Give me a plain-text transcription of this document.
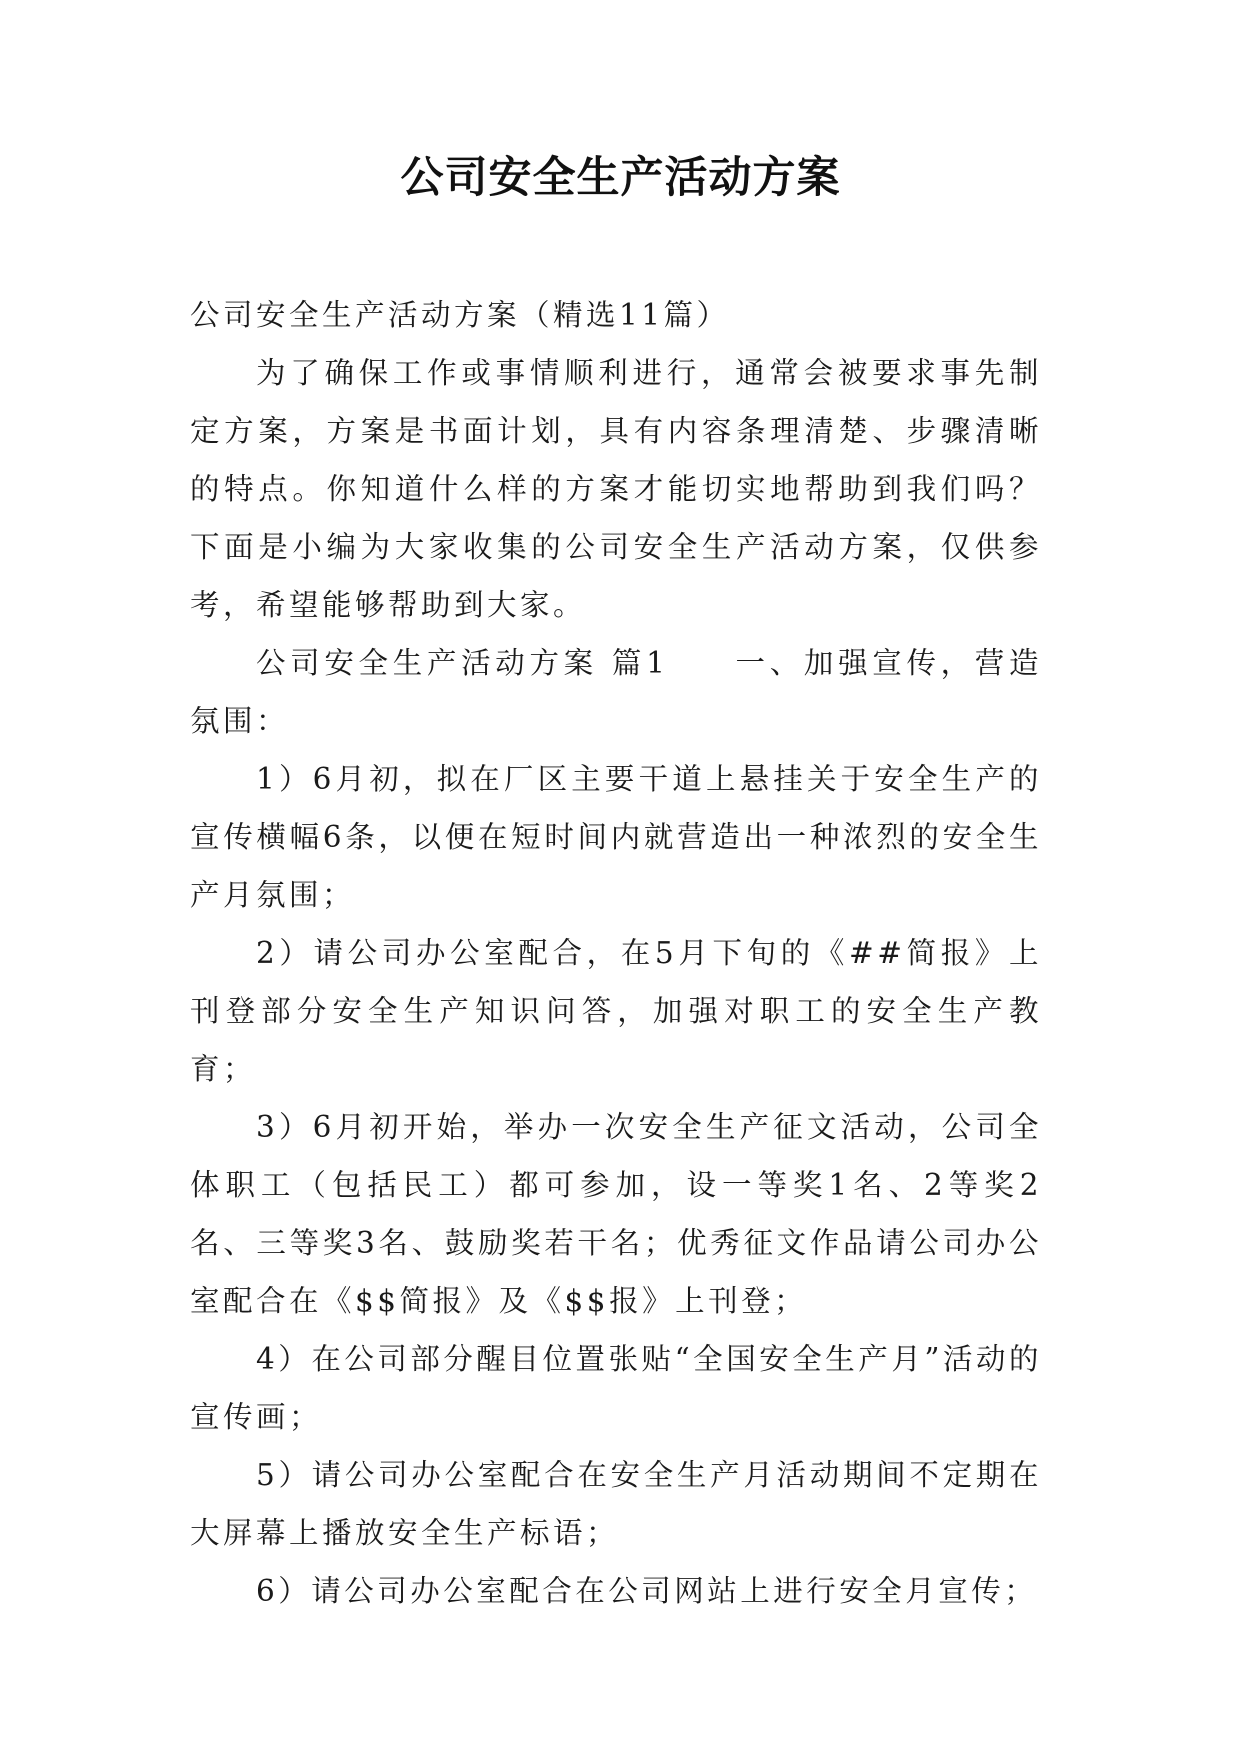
公司安全生产活动方案

公司安全生产活动方案（精选11篇）

为了确保工作或事情顺利进行，通常会被要求事先制定方案，方案是书面计划，具有内容条理清楚、步骤清晰的特点。你知道什么样的方案才能切实地帮助到我们吗？下面是小编为大家收集的公司安全生产活动方案，仅供参考，希望能够帮助到大家。

公司安全生产活动方案 篇1 一、加强宣传，营造氛围：

1）6月初，拟在厂区主要干道上悬挂关于安全生产的宣传横幅6条，以便在短时间内就营造出一种浓烈的安全生产月氛围；

2）请公司办公室配合，在5月下旬的《##简报》上刊登部分安全生产知识问答，加强对职工的安全生产教育；

3）6月初开始，举办一次安全生产征文活动，公司全体职工（包括民工）都可参加，设一等奖1名、2等奖2名、三等奖3名、鼓励奖若干名；优秀征文作品请公司办公室配合在《$$简报》及《$$报》上刊登；

4）在公司部分醒目位置张贴“全国安全生产月”活动的宣传画；

5）请公司办公室配合在安全生产月活动期间不定期在大屏幕上播放安全生产标语；

6）请公司办公室配合在公司网站上进行安全月宣传；
